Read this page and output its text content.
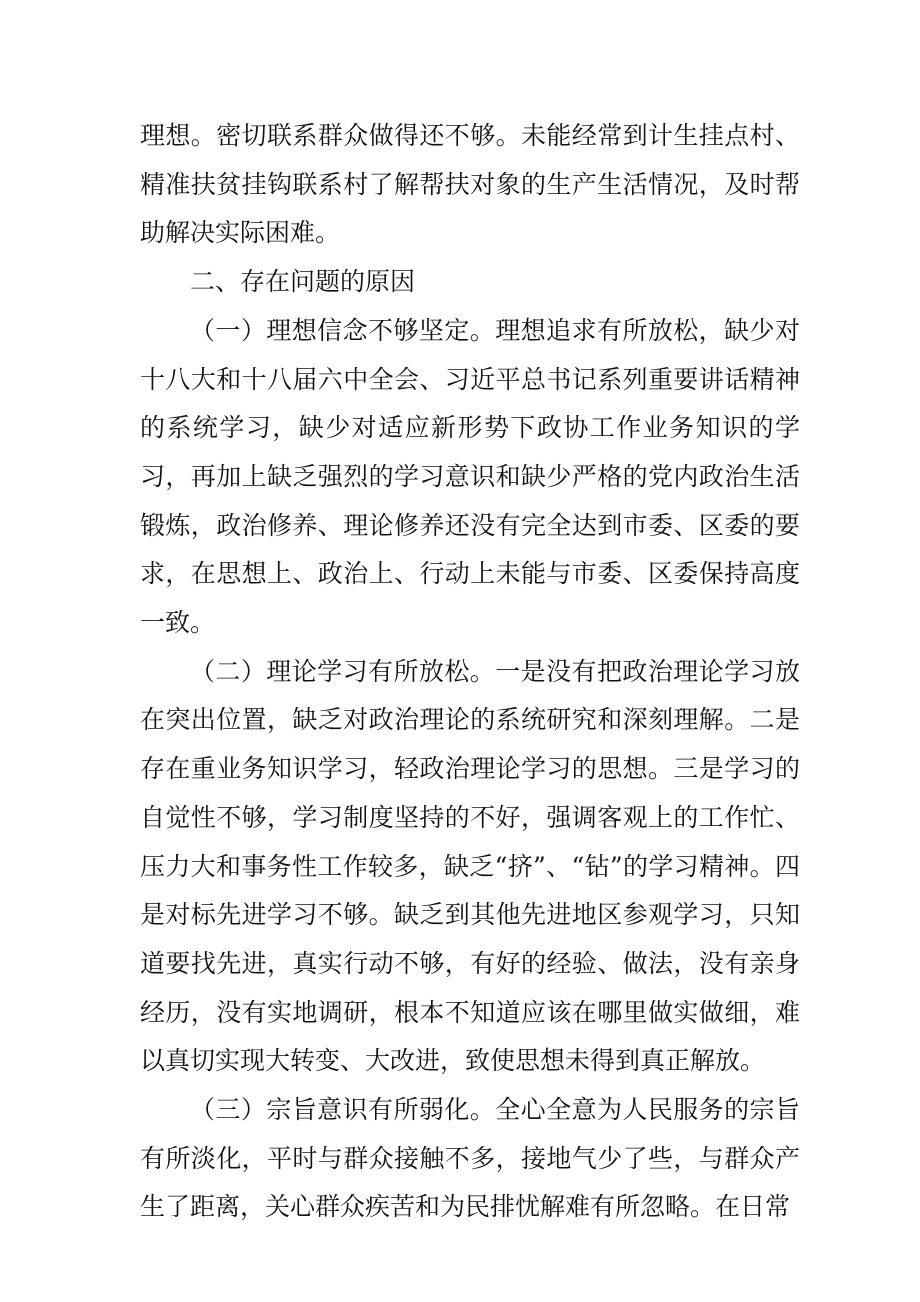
理想。密切联系群众做得还不够。未能经常到计生挂点村、精准扶贫挂钩联系村了解帮扶对象的生产生活情况，及时帮助解决实际困难。

二、存在问题的原因

（一）理想信念不够坚定。理想追求有所放松，缺少对十八大和十八届六中全会、习近平总书记系列重要讲话精神的系统学习，缺少对适应新形势下政协工作业务知识的学习，再加上缺乏强烈的学习意识和缺少严格的党内政治生活锻炼，政治修养、理论修养还没有完全达到市委、区委的要求，在思想上、政治上、行动上未能与市委、区委保持高度一致。

（二）理论学习有所放松。一是没有把政治理论学习放在突出位置，缺乏对政治理论的系统研究和深刻理解。二是存在重业务知识学习，轻政治理论学习的思想。三是学习的自觉性不够，学习制度坚持的不好，强调客观上的工作忙、压力大和事务性工作较多，缺乏“挤”、“钻”的学习精神。四是对标先进学习不够。缺乏到其他先进地区参观学习，只知道要找先进，真实行动不够，有好的经验、做法，没有亲身经历，没有实地调研，根本不知道应该在哪里做实做细，难以真切实现大转变、大改进，致使思想未得到真正解放。

（三）宗旨意识有所弱化。全心全意为人民服务的宗旨有所淡化，平时与群众接触不多，接地气少了些，与群众产生了距离，关心群众疾苦和为民排忧解难有所忽略。在日常
